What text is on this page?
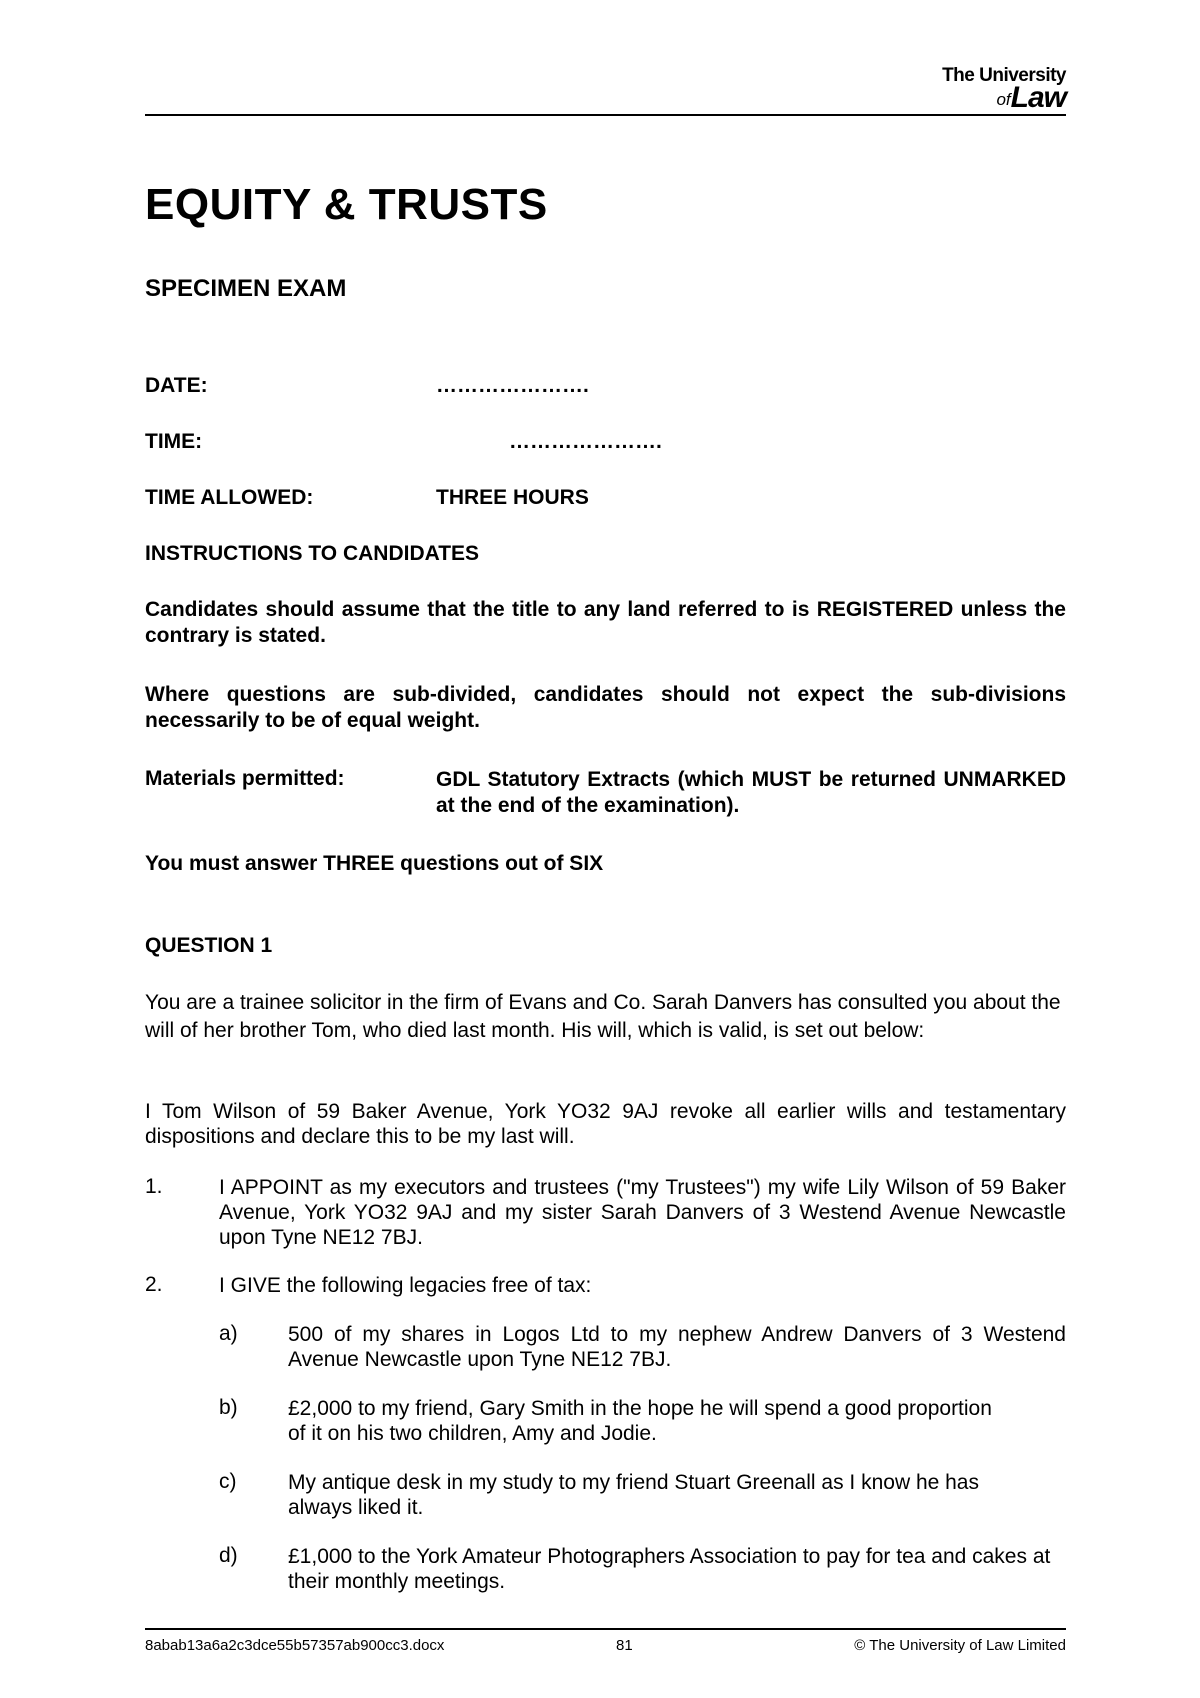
The University
ofLaw
EQUITY & TRUSTS
SPECIMEN EXAM
DATE:	………………….
TIME:	………………….
TIME ALLOWED:	THREE HOURS
INSTRUCTIONS TO CANDIDATES
Candidates should assume that the title to any land referred to is REGISTERED unless the contrary is stated.
Where questions are sub-divided, candidates should not expect the sub-divisions necessarily to be of equal weight.
Materials permitted:	GDL Statutory Extracts (which MUST be returned UNMARKED at the end of the examination).
You must answer THREE questions out of SIX
QUESTION 1
You are a trainee solicitor in the firm of Evans and Co. Sarah Danvers has consulted you about the will of her brother Tom, who died last month. His will, which is valid, is set out below:
I Tom Wilson of 59 Baker Avenue, York YO32 9AJ revoke all earlier wills and testamentary dispositions and declare this to be my last will.
1.	I APPOINT as my executors and trustees ("my Trustees") my wife Lily Wilson of 59 Baker Avenue, York YO32 9AJ and my sister Sarah Danvers of 3 Westend Avenue Newcastle upon Tyne NE12 7BJ.
2.	I GIVE the following legacies free of tax:
a) 500 of my shares in Logos Ltd to my nephew Andrew Danvers of 3 Westend Avenue Newcastle upon Tyne NE12 7BJ.
b) £2,000 to my friend, Gary Smith in the hope he will spend a good proportion of it on his two children, Amy and Jodie.
c) My antique desk in my study to my friend Stuart Greenall as I know he has always liked it.
d) £1,000 to the York Amateur Photographers Association to pay for tea and cakes at their monthly meetings.
8abab13a6a2c3dce55b57357ab900cc3.docx	81	© The University of Law Limited
